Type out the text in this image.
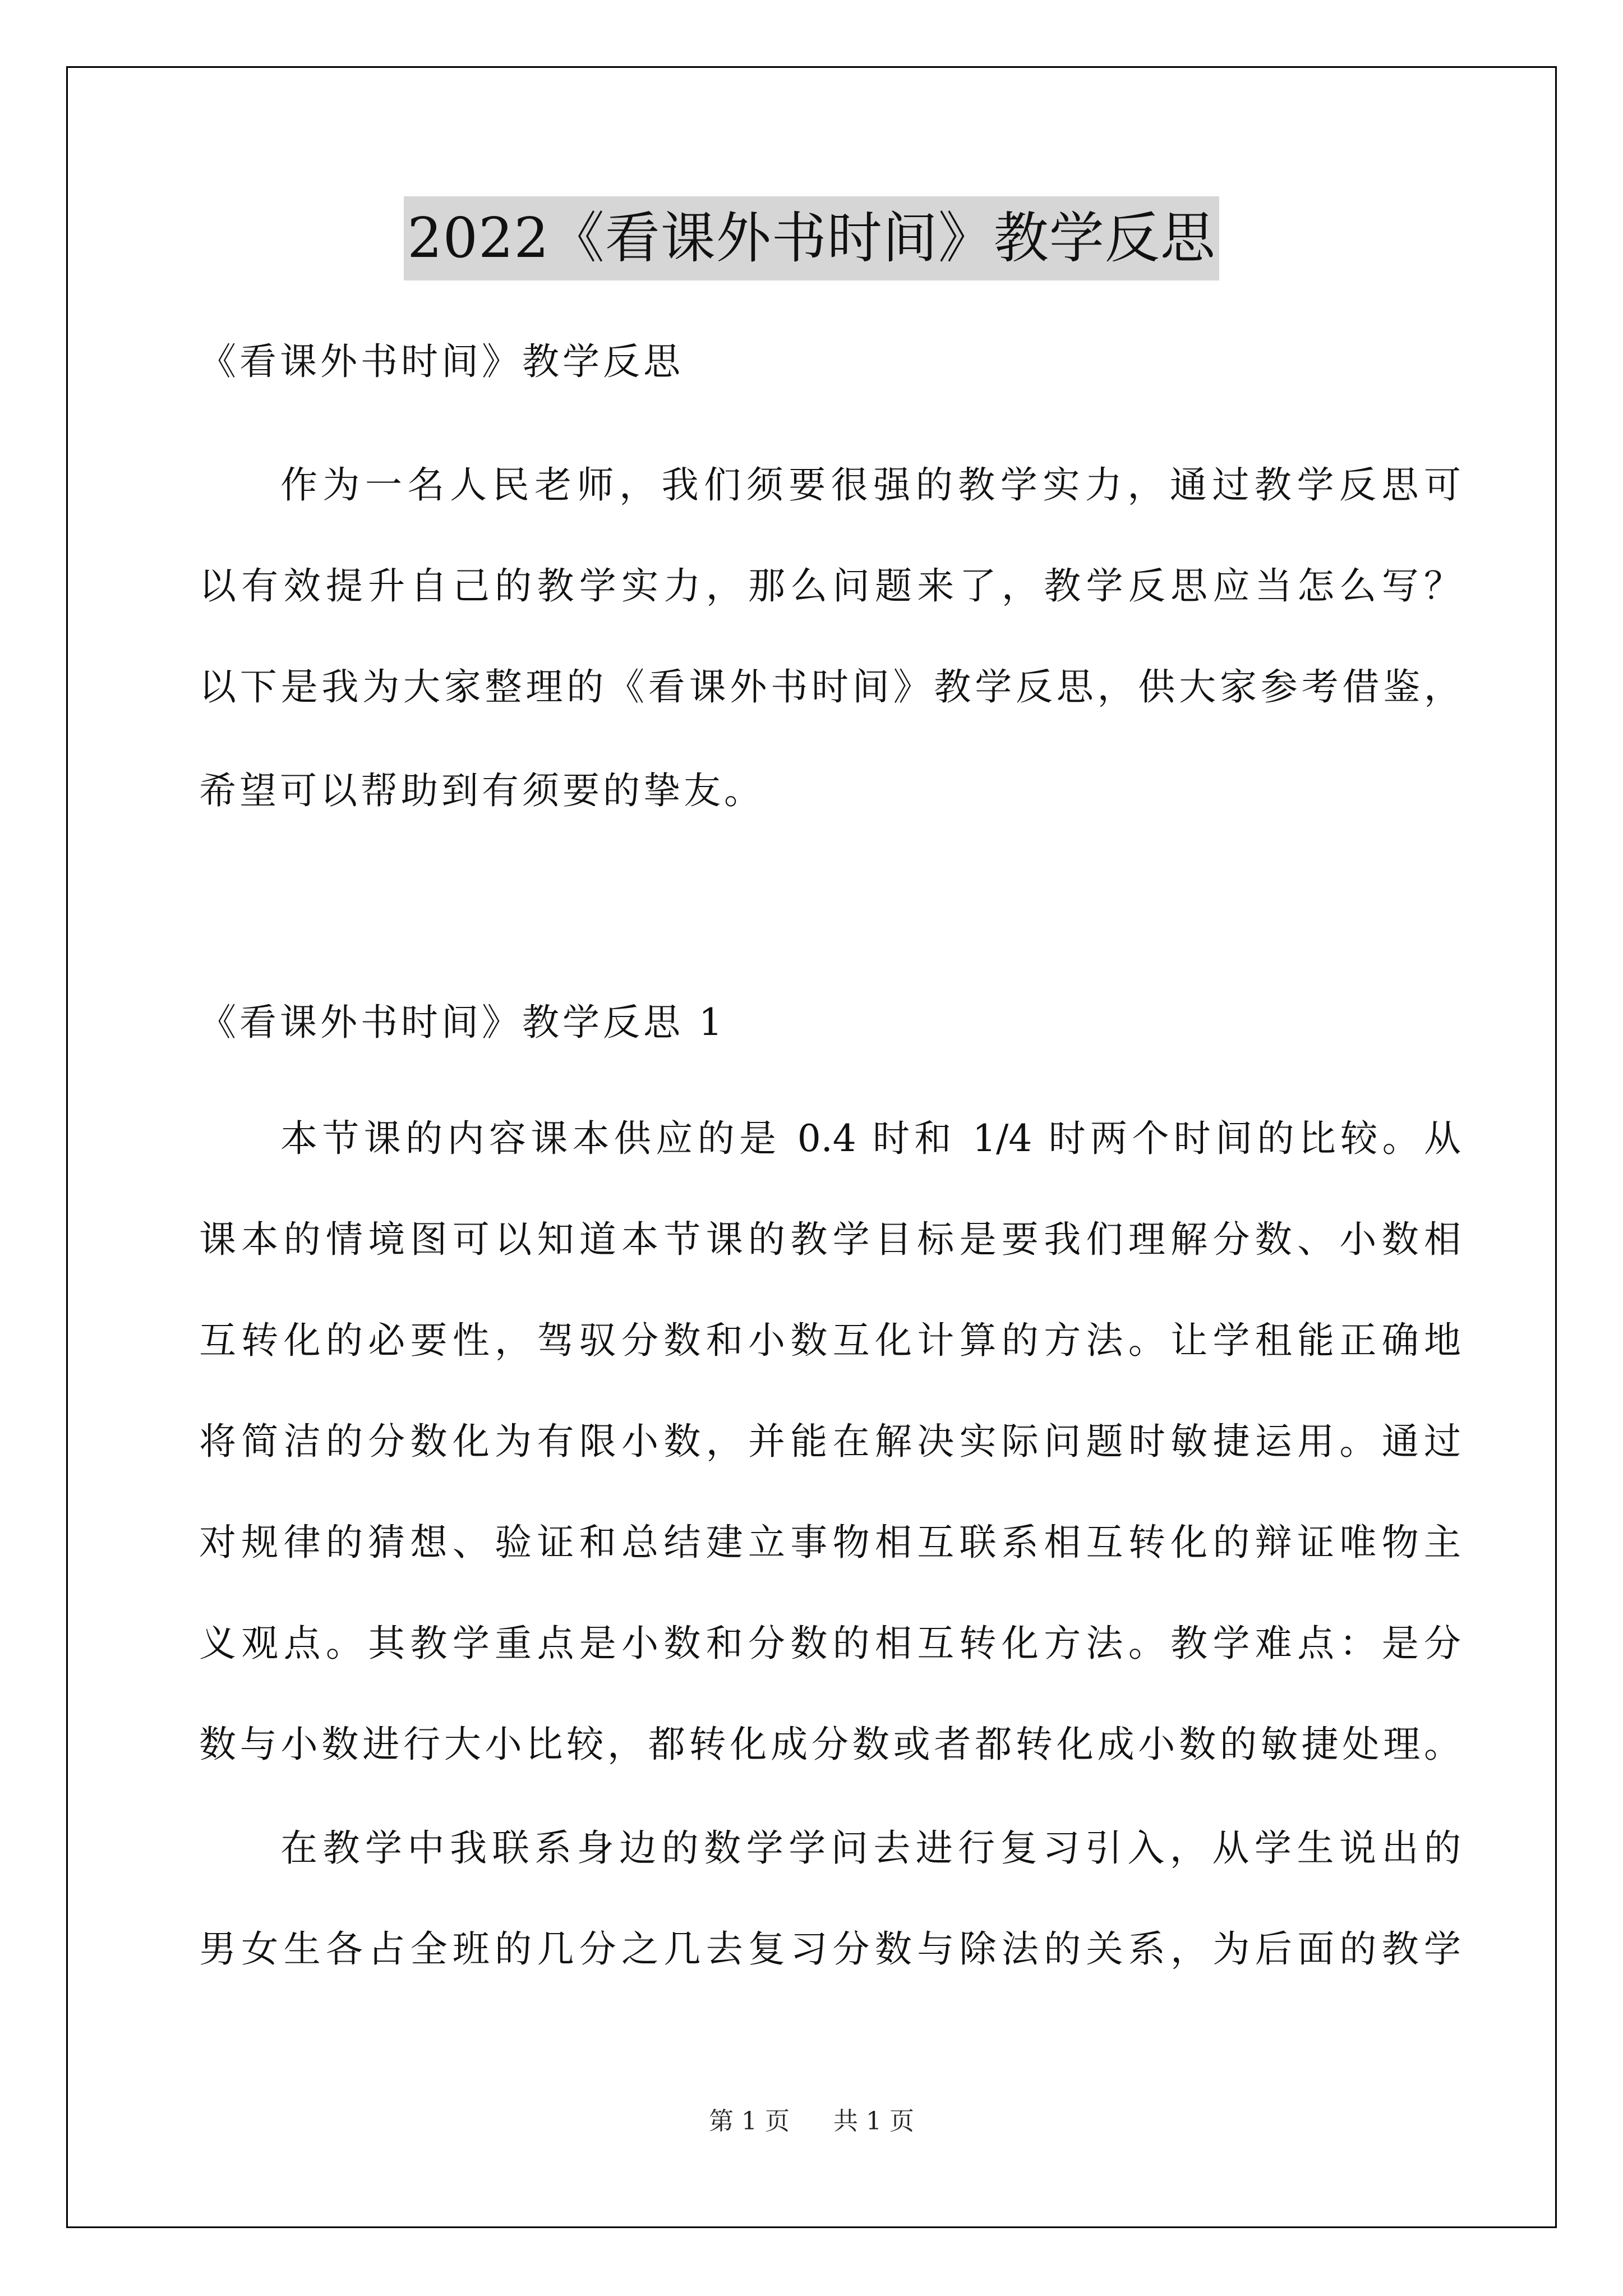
2022《看课外书时间》教学反思
《看课外书时间》教学反思
作为一名人民老师，我们须要很强的教学实力，通过教学反思可
以有效提升自己的教学实力，那么问题来了，教学反思应当怎么写？
以下是我为大家整理的《看课外书时间》教学反思，供大家参考借鉴，
希望可以帮助到有须要的挚友。
《看课外书时间》教学反思 1
本节课的内容课本供应的是 0.4 时和 1/4 时两个时间的比较。从
课本的情境图可以知道本节课的教学目标是要我们理解分数、小数相
互转化的必要性，驾驭分数和小数互化计算的方法。让学租能正确地
将简洁的分数化为有限小数，并能在解决实际问题时敏捷运用。通过
对规律的猜想、验证和总结建立事物相互联系相互转化的辩证唯物主
义观点。其教学重点是小数和分数的相互转化方法。教学难点：是分
数与小数进行大小比较，都转化成分数或者都转化成小数的敏捷处理。
在教学中我联系身边的数学学问去进行复习引入，从学生说出的
男女生各占全班的几分之几去复习分数与除法的关系，为后面的教学
第 1 页 共 1 页
